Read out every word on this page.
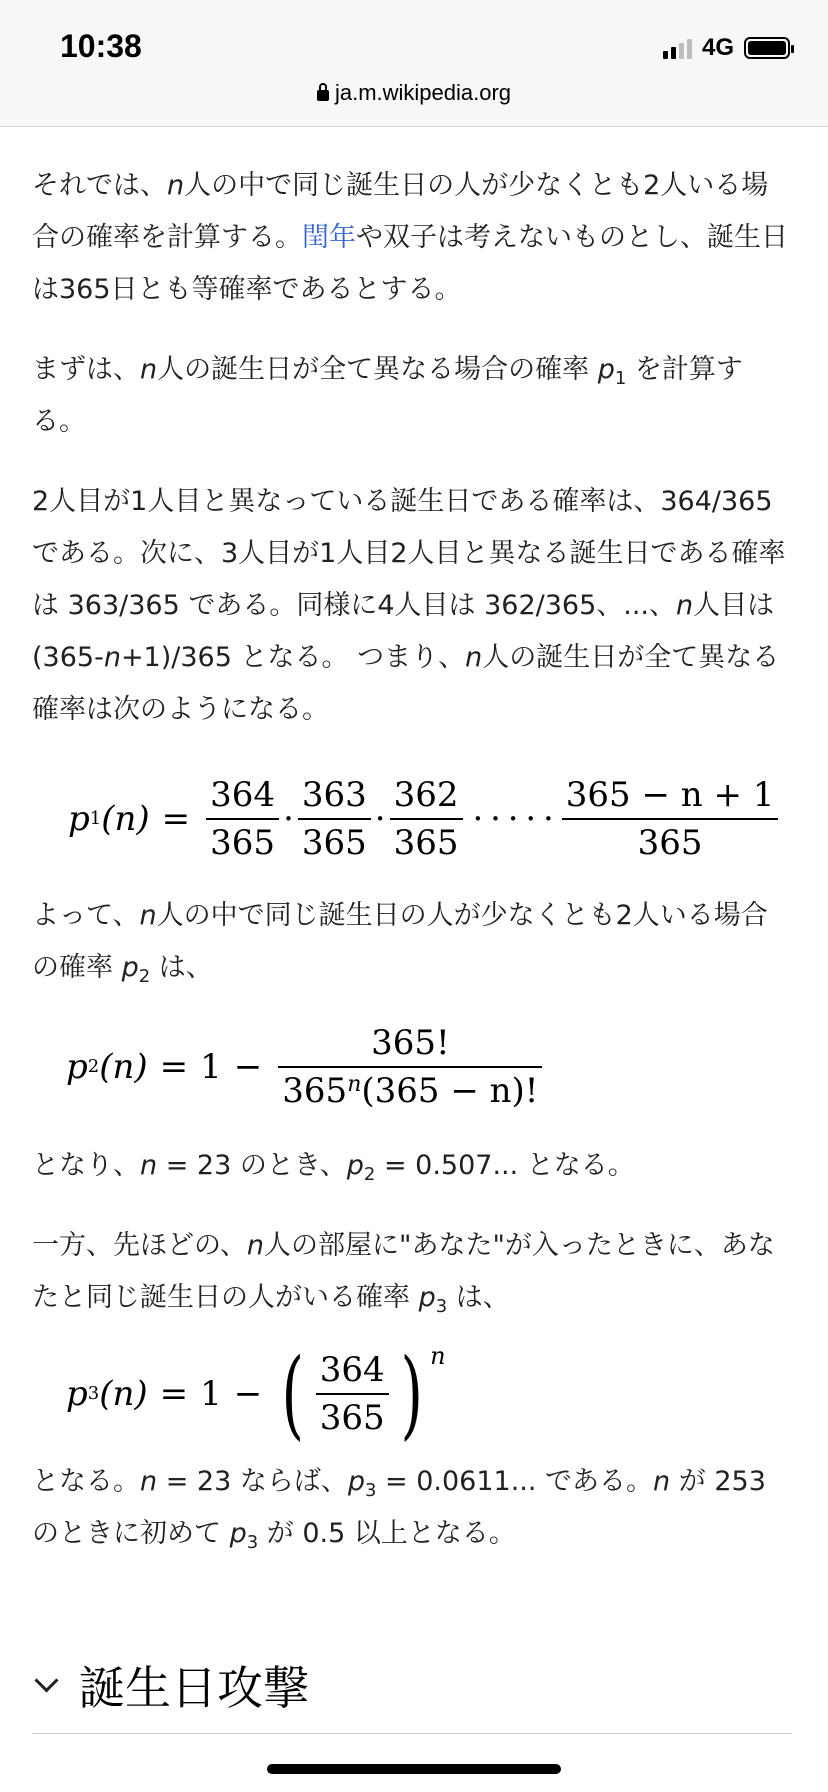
10:38	4G
ja.m.wikipedia.org

それでは、n人の中で同じ誕生日の人が少なくとも2人いる場合の確率を計算する。閏年や双子は考えないものとし、誕生日は365日とも等確率であるとする。

まずは、n人の誕生日が全て異なる場合の確率 $p_1$ を計算する。

2人目が1人目と異なっている誕生日である確率は、364/365 である。次に、3人目が1人目2人目と異なる誕生日である確率は 363/365 である。同様に4人目は 362/365、...、n人目は (365-n+1)/365 となる。 つまり、n人の誕生日が全て異なる確率は次のようになる。

p 1 $(n) = \frac{364}{365} \cdot \frac{363}{365} \cdot \frac{362}{365}$ · · · · · $\frac{365 - n + 1}{365}$

よって、n人の中で同じ誕生日の人が少なくとも2人いる場合の確率 $p_2$ は、

p 2 $(n) = 1 - \frac{365!}{365^n(365 - n)!}$

となり、n = 23 のとき、$p_2 = 0.507$... となる。

一方、先ほどの、n人の部屋に"あなた"が入ったときに、あなたと同じ誕生日の人がいる確率 $p_3$ は、

p 3 (n) = 1 − ( $\frac{364}{365}$ ) n

となる。n = 23 ならば、$p_3 = 0.0611$... である。n が 253 のときに初めて $p_3$ が 0.5 以上となる。

誕生日攻撃
